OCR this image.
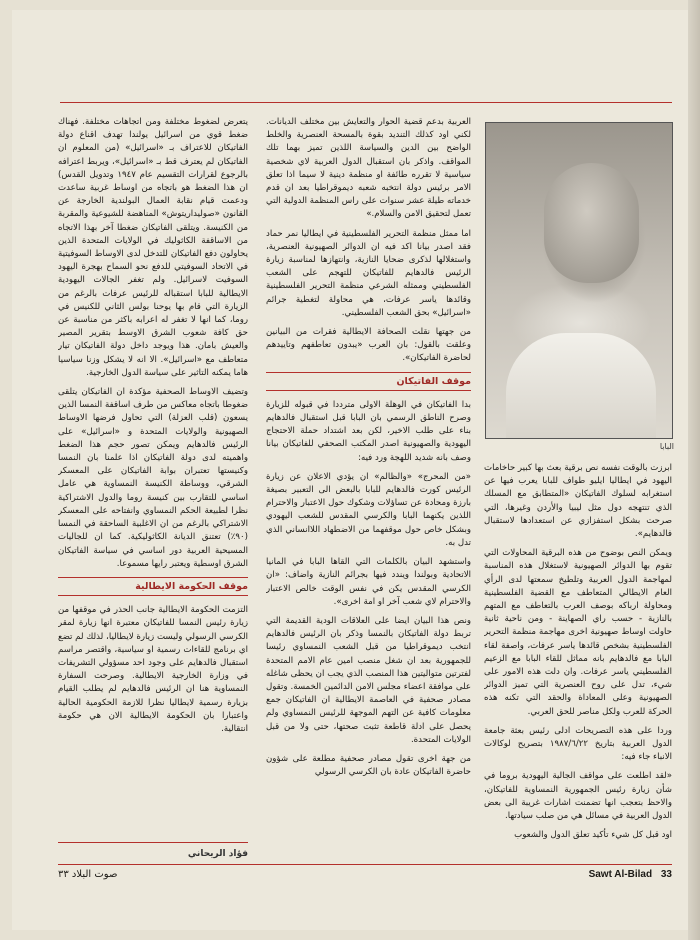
البابا

ابرزت بالوقت نفسه نص برقية بعث بها كبير حاخامات اليهود في ايطاليا ايليو طواف للبابا يعرب فيها عن استغرابه لسلوك الفاتيكان «المتطابق مع المسلك الذي تنتهجه دول مثل ليبيا والأردن وغيرها، التي صرحت بشكل استفزازي عن استعدادها لاستقبال فالدهايم».

ويمكن النص بوضوح من هذه البرقية المحاولات التي تقوم بها الدوائر الصهيونية لاستغلال هذه المناسبة لمهاجمة الدول العربية وتلطيخ سمعتها لدى الرأي العام الايطالي المتعاطف مع القضية الفلسطينية ومحاولة ارباكه بوصف العرب بالتعاطف مع المتهم بالنازية - حسب راي الصهاينة - ومن ناحية ثانية حاولت اوساط صهيونية اخرى مهاجمة منظمة التحرير الفلسطينية بشخص قائدها ياسر عرفات، واصفة لقاء البابا مع فالدهايم بانه مماثل للقاء البابا مع الزعيم الفلسطيني ياسر عرفات. وان دلت هذه الامور على شيء، تدل على روح العنصرية التي تميز الدوائر الصهيونية وعلى المعاداة والحقد التي تكنه هذه الحركة للعرب ولكل مناصر للحق العربي.

وردا على هذه التصريحات ادلى رئيس بعثة جامعة الدول العربية بتاريخ ١٩٨٧/٦/٢٢ بتصريح لوكالات الانباء جاء فيه:

«لقد اطلعت على مواقف الجالية اليهودية بروما في شأن زيارة رئيس الجمهورية النمساوية للفاتيكان، والاحظ بتعجب انها تضمنت اشارات غريبة الى بعض الدول العربية في مسائل هي من صلب سيادتها.

اود قبل كل شيء تأكيد تعلق الدول والشعوب

العربية بدعم قضية الحوار والتعايش بين مختلف الديانات. لكني اود كذلك التنديد بقوة بالمسحة العنصرية والخلط الواضح بين الدين والسياسة اللذين تميز بهما تلك المواقف. واذكر بان استقبال الدول العربية لاي شخصية سياسية لا تقرره طائفة او منظمة دينية لا سيما اذا تعلق الامر برئيس دولة انتخبه شعبه ديموقراطيا بعد ان قدم خدماته طيلة عشر سنوات على راس المنظمة الدولية التي تعمل لتحقيق الامن والسلام.»

اما ممثل منظمة التحرير الفلسطينية في ايطاليا نمر حماد فقد اصدر بيانا اكد فيه ان الدوائر الصهيونية العنصرية، واستغلالها لذكرى ضحايا النازية، وانتهازها لمناسبة زيارة الرئيس فالدهايم للفاتيكان للتهجم على الشعب الفلسطيني وممثله الشرعي منظمة التحرير الفلسطينية وقائدها ياسر عرفات، هي محاولة لتغطية جرائم «اسرائيل» بحق الشعب الفلسطيني.

من جهتها نقلت الصحافة الايطالية فقرات من البيانين وعلقت بالقول: بان العرب «يبدون تعاطفهم وتاييدهم لحاضرة الفاتيكان».

موقف الفاتيكان

بدا الفاتيكان في الوهلة الاولى مترددا في قبوله للزيارة وصرح الناطق الرسمي بان البابا قبل استقبال فالدهايم بناء على طلب الاخير، لكن بعد اشتداد حملة الاحتجاج اليهودية والصهيونية اصدر المكتب الصحفي للفاتيكان بيانا وصف بانه شديد اللهجة ورد فيه:

«من المحرج» «والظالم» ان يؤدي الاعلان عن زيارة الرئيس كورت فالدهايم للبابا بالبعض الى التعبير بصيغة بارزة ومحادة عن تساؤلات وشكوك حول الاعتبار والاحترام اللذين يكنهما البابا والكرسي المقدس للشعب اليهودي وبشكل خاص حول موقفهما من الاضطهاد اللاانساني الذي تدل به.

واستشهد البيان بالكلمات التي القاها البابا في المانيا الاتحادية وبولندا ويندد فيها بجرائم النازية واضاف: «ان الكرسي المقدس يكن في نفس الوقت خالص الاعتبار والاحترام لاي شعب آخر او امة اخرى».

ونص هذا البيان ايضا على العلاقات الودية القديمة التي تربط دولة الفاتيكان بالنمسا وذكر بان الرئيس فالدهايم انتخب ديموقراطيا من قبل الشعب النمساوي رئيسا للجمهورية بعد ان شغل منصب امين عام الامم المتحدة لفترتين متواليتين هذا المنصب الذي يجب ان يحظى شاغله على موافقة اعضاء مجلس الامن الدائمين الخمسة. وتقول مصادر صحفية في العاصمة الايطالية ان الفاتيكان جمع معلومات كافية عن التهم الموجهة للرئيس النمساوي ولم يحصل على ادلة قاطعة تثبت صحتها، حتى ولا من قبل الولايات المتحدة.

من جهة اخرى تقول مصادر صحفية مطلعة على شؤون حاضرة الفاتيكان عادة بان الكرسي الرسولي

يتعرض لضغوط مختلفة ومن اتجاهات مختلفة. فهناك ضغط قوي من اسرائيل يولندا تهدف اقناع دولة الفاتيكان للاعتراف بـ «اسرائيل» (من المعلوم ان الفاتيكان لم يعترف قط بـ «اسرائيل»، ويربط اعترافه بالرجوع لقرارات التقسيم عام ١٩٤٧ وتدويل القدس) ان هذا الضغط هو باتجاه من اوساط غربية ساعدت ودعمت قيام نقابة العمال البولندية الخارجة عن القانون «صوليداريتوش» المناهضة للشيوعية والمقربة من الكنيسة. ويتلقى الفاتيكان ضغطا آخر بهذا الاتجاه من الاساقفة الكاثوليك في الولايات المتحدة الذين يحاولون دفع الفاتيكان للتدخل لدى الاوساط السوفيتية في الاتحاد السوفيتي للدفع نحو السماح بهجرة اليهود السوفيت لاسرائيل. ولم تغفر الجالات اليهودية الايطالية للبابا استقباله للرئيس عرفات بالرغم من الزيارة التي قام بها يوحنا بولس الثاني للكنيس في روما، كما انها لا تغفر له اعرابه باكثر من مناسبة عن حق كافة شعوب الشرق الاوسط بتقرير المصير والعيش بامان. هذا ويوجد داخل دولة الفاتيكان تيار متعاطف مع «اسرائيل». الا انه لا يشكل وزنا سياسيا هاما يمكنه التاثير على سياسة الدول الخارجية.

وتضيف الاوساط الصحفية مؤكدة ان الفاتيكان يتلقى ضغوطا باتجاه معاكس من طرف اساقفة النمسا الذين يسعون (قلب العزلة) التي تحاول فرضها الاوساط الصهيونية والولايات المتحدة و «اسرائيل» على الرئيس فالدهايم ويمكن تصور حجم هذا الضغط واهميته لدى دولة الفاتيكان اذا علمنا بان النمسا وكنيستها تعتبران بوابة الفاتيكان على المعسكر الشرقي، ووساطة الكنيسة النمساوية هي عامل اساسي للتقارب بين كنيسة روما والدول الاشتراكية نظرا لطبيعة الحكم النمساوي وانفتاحه على المعسكر الاشتراكي بالرغم من ان الاغلبية الساحقة في النمسا (٩٠٪) تعتنق الديانة الكاثوليكية. كما ان للجاليات المسيحية العربية دور اساسي في سياسة الفاتيكان الشرق اوسطية ويعتبر رايها مسموعا.

موقف الحكومة الايطالية

التزمت الحكومة الايطالية جانب الحذر في موقفها من زيارة رئيس النمسا للفاتيكان معتبرة انها زيارة لمقر الكرسي الرسولي وليست زيارة لايطاليا، لذلك لم تضع اي برنامج للقاءات رسمية او سياسية، واقتصر مراسم استقبال فالدهايم على وجود احد مسؤولي التشريفات في وزارة الخارجية الايطالية. وصرحت السفارة النمساوية هنا ان الرئيس فالدهايم لم يطلب القيام بزيارة رسمية لايطاليا نظرا للازمة الحكومية الحالية واعتبارا بان الحكومة الايطالية الان هي حكومة انتقالية.

فؤاد الريحاني
صوت البلاد ٣٣	Sawt Al-Bilad 33
